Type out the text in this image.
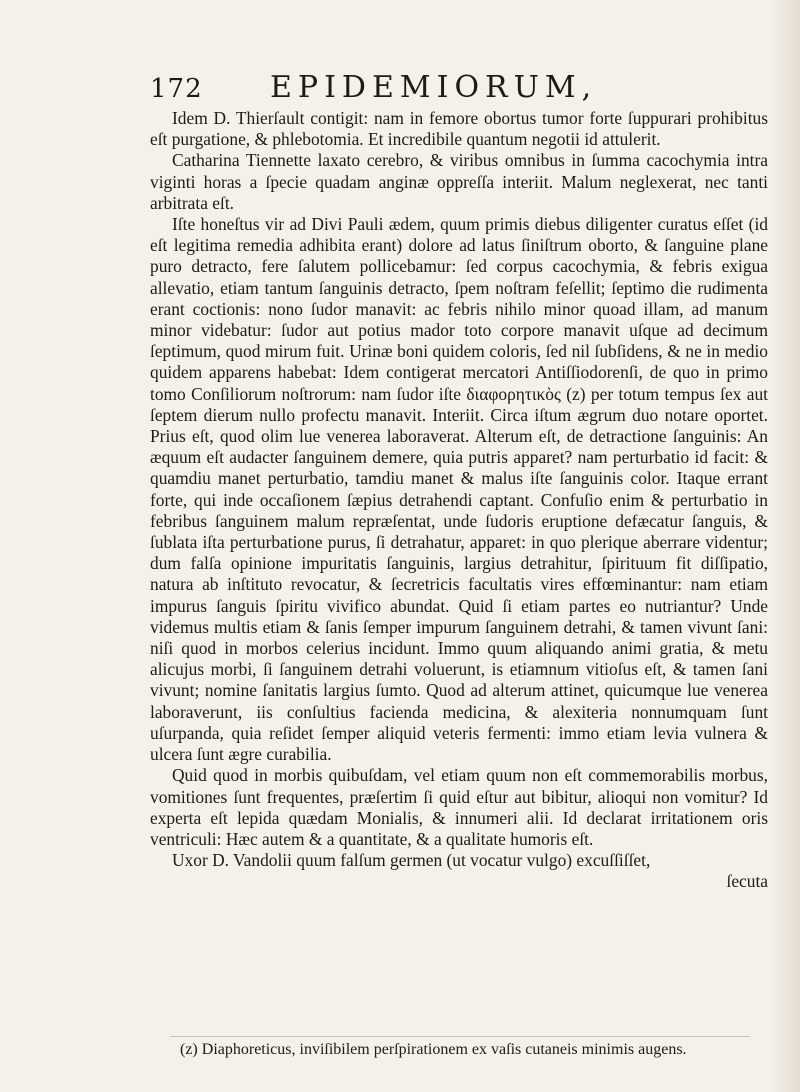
172 EPIDEMIORUM,

Idem D. Thierſault contigit: nam in femore obortus tumor forte ſuppurari prohibitus eſt purgatione, & phlebotomia. Et incredibile quantum negotii id attulerit.

Catharina Tiennette laxato cerebro, & viribus omnibus in ſumma cacochymia intra viginti horas a ſpecie quadam anginæ oppreſſa interiit. Malum neglexerat, nec tanti arbitrata eſt.

Iſte honeſtus vir ad Divi Pauli ædem, quum primis diebus diligenter curatus eſſet (id eſt legitima remedia adhibita erant) dolore ad latus ſiniſtrum oborto, & ſanguine plane puro detracto, fere ſalutem pollicebamur: ſed corpus cacochymia, & febris exigua allevatio, etiam tantum ſanguinis detracto, ſpem noſtram feſellit; ſeptimo die rudimenta erant coctionis: nono ſudor manavit: ac febris nihilo minor quoad illam, ad manum minor videbatur: ſudor aut potius mador toto corpore manavit uſque ad decimum ſeptimum, quod mirum fuit. Urinæ boni quidem coloris, ſed nil ſubſidens, & ne in medio quidem apparens habebat: Idem contigerat mercatori Antiſſiodorenſi, de quo in primo tomo Conſiliorum noſtrorum: nam ſudor iſte διαφορητικὸς (z) per totum tempus ſex aut ſeptem dierum nullo profectu manavit. Interiit. Circa iſtum ægrum duo notare oportet. Prius eſt, quod olim lue venerea laboraverat. Alterum eſt, de detractione ſanguinis: An æquum eſt audacter ſanguinem demere, quia putris apparet? nam perturbatio id facit: & quamdiu manet perturbatio, tamdiu manet & malus iſte ſanguinis color. Itaque errant forte, qui inde occaſionem ſæpius detrahendi captant. Confuſio enim & perturbatio in febribus ſanguinem malum repræſentat, unde ſudoris eruptione defæcatur ſanguis, & ſublata iſta perturbatione purus, ſi detrahatur, apparet: in quo plerique aberrare videntur; dum falſa opinione impuritatis ſanguinis, largius detrahitur, ſpirituum fit diſſipatio, natura ab inſtituto revocatur, & ſecretricis facultatis vires effœminantur: nam etiam impurus ſanguis ſpiritu vivifico abundat. Quid ſi etiam partes eo nutriantur? Unde videmus multis etiam & ſanis ſemper impurum ſanguinem detrahi, & tamen vivunt ſani: niſi quod in morbos celerius incidunt. Immo quum aliquando animi gratia, & metu alicujus morbi, ſi ſanguinem detrahi voluerunt, is etiamnum vitioſus eſt, & tamen ſani vivunt; nomine ſanitatis largius ſumto. Quod ad alterum attinet, quicumque lue venerea laboraverunt, iis conſultius facienda medicina, & alexiteria nonnumquam ſunt uſurpanda, quia reſidet ſemper aliquid veteris fermenti: immo etiam levia vulnera & ulcera ſunt ægre curabilia.

Quid quod in morbis quibuſdam, vel etiam quum non eſt commemorabilis morbus, vomitiones ſunt frequentes, præſertim ſi quid eſtur aut bibitur, alioqui non vomitur? Id experta eſt lepida quædam Monialis, & innumeri alii. Id declarat irritationem oris ventriculi: Hæc autem & a quantitate, & a qualitate humoris eſt.

Uxor D. Vandolii quum falſum germen (ut vocatur vulgo) excuſſiſſet,

ſecuta

(z) Diaphoreticus, inviſibilem perſpirationem ex vaſis cutaneis minimis augens.
